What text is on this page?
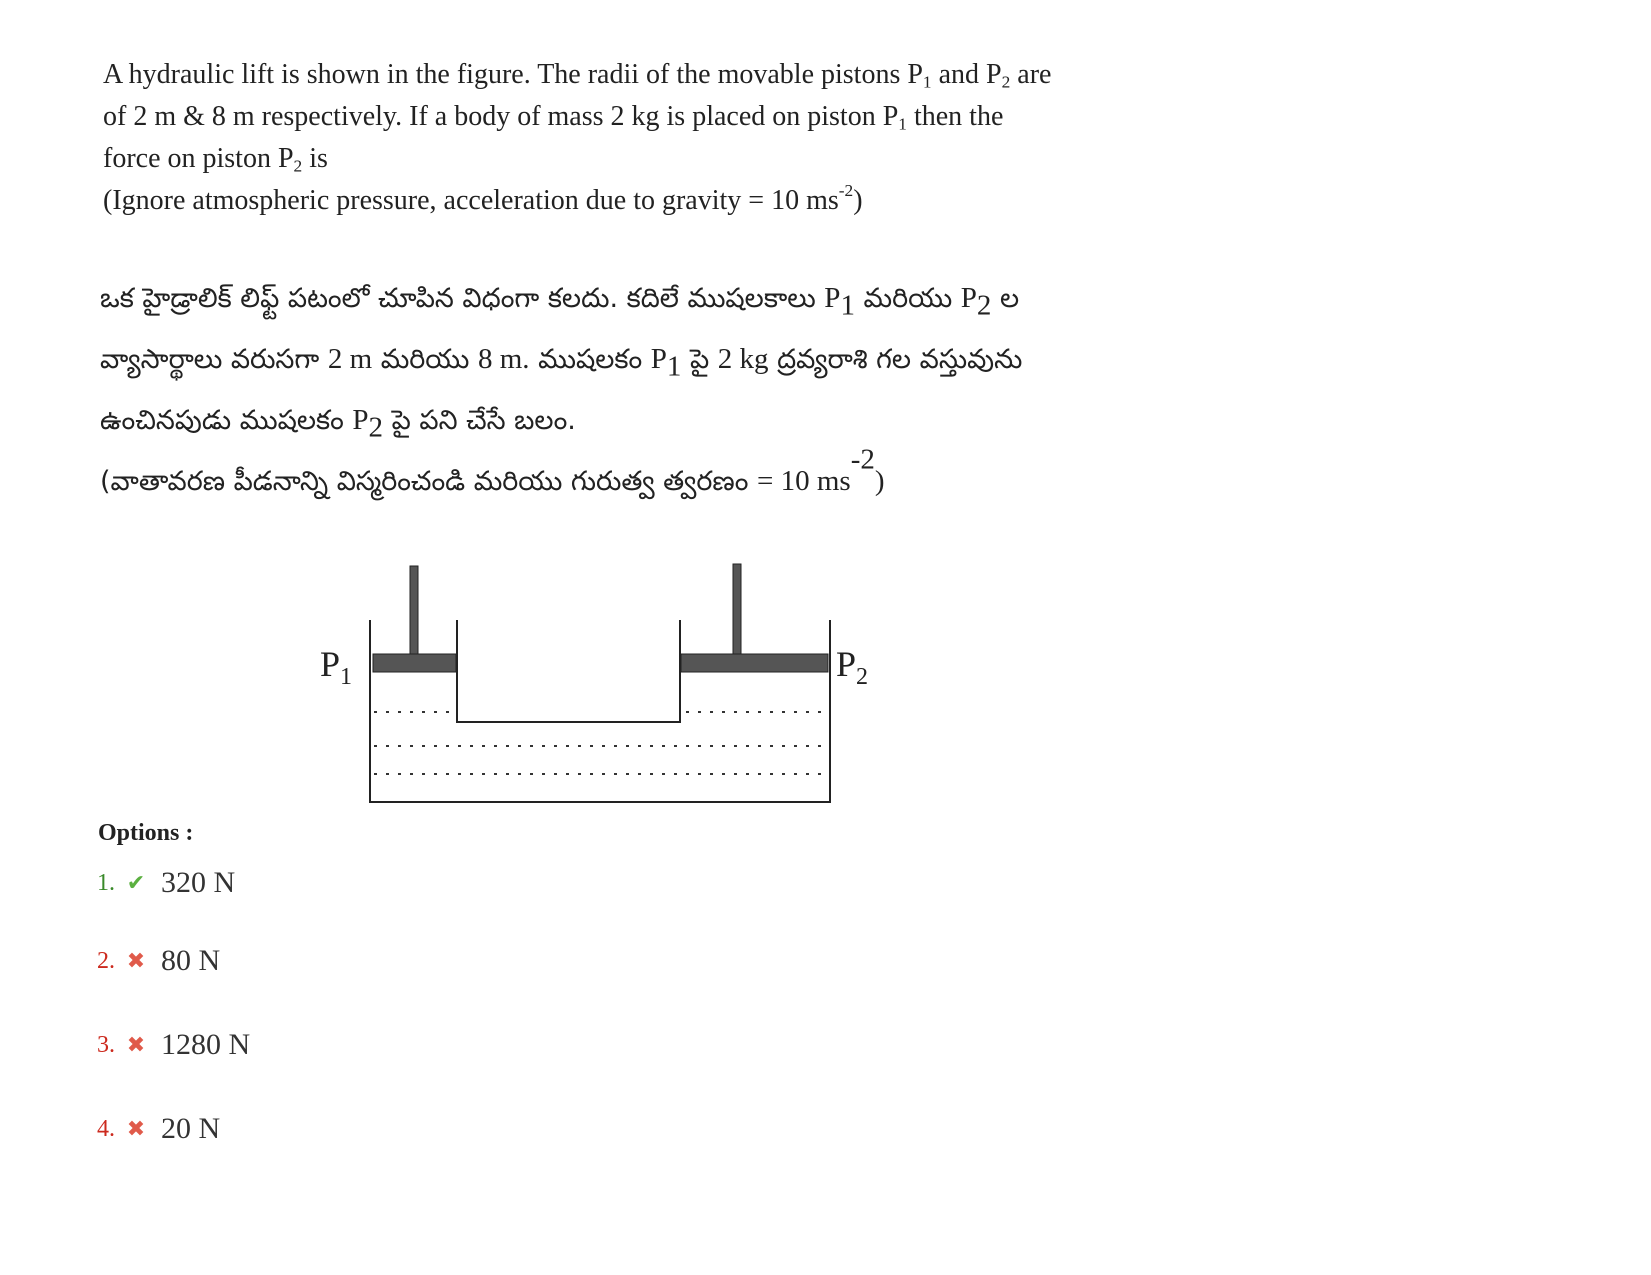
A hydraulic lift is shown in the figure. The radii of the movable pistons $P_1$ and $P_2$ are
of 2 m & 8 m respectively. If a body of mass 2 kg is placed on piston $P_1$ then the
force on piston $P_2$ is
(Ignore atmospheric pressure, acceleration due to gravity = 10 $ms^{-2}$)
ఒక హైడ్రాలిక్ లిఫ్ట్ పటంలో చూపిన విధంగా కలదు. కదిలే ముషలకాలు $P_1$ మరియు $P_2$ ల
వ్యాసార్థాలు వరుసగా 2 m మరియు 8 m. ముషలకం $P_1$ పై 2 kg ద్రవ్యరాశి గల వస్తువును
ఉంచినపుడు ముషలకం $P_2$ పై పని చేసే బలం.
(వాతావరణ పీడనాన్ని విస్మరించండి మరియు గురుత్వ త్వరణం = 10 $ms^{-2}$)
$P_1$	$P_2$
Options :
1. ✔ 320 N
2. ✖ 80 N
3. ✖ 1280 N
4. ✖ 20 N
